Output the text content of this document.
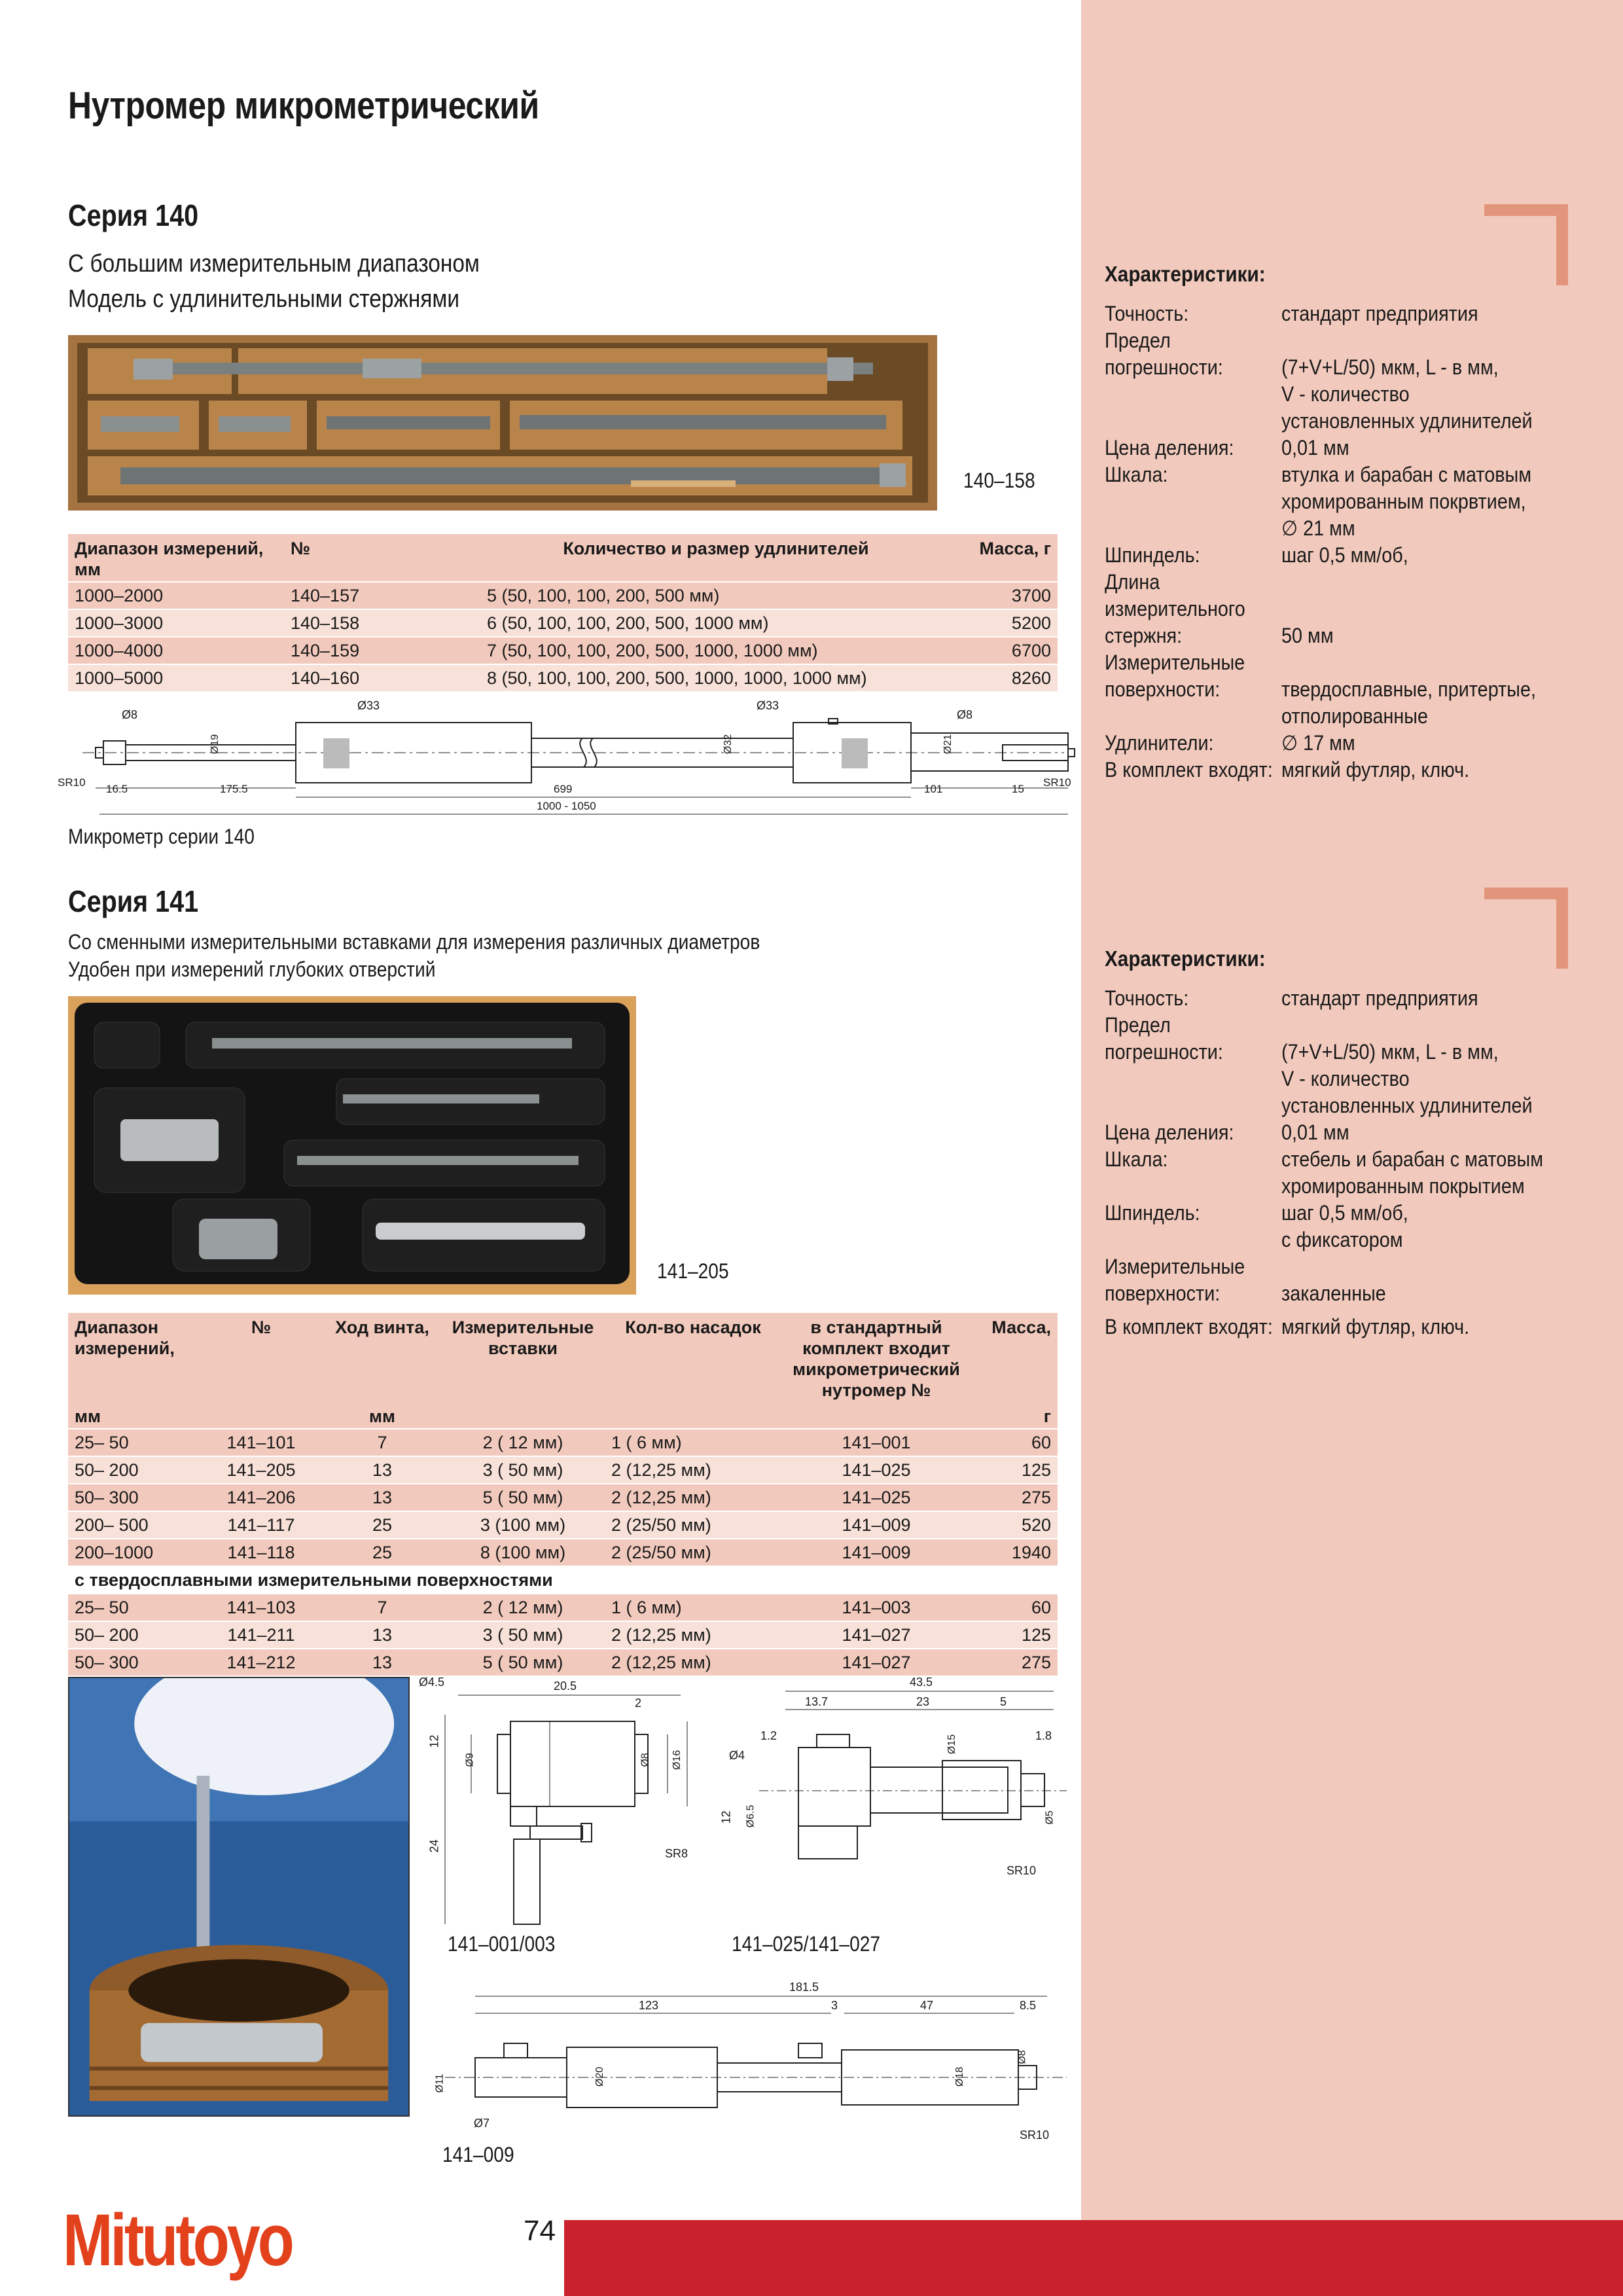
Нутромер микрометрический
Серия 140
С большим измерительным диапазоном
Модель с удлинительными стержнями
140–158
Диапазон измерений, мм	№	Количество и размер удлинителей	Масса, г
1000–2000	140–157	5 (50, 100, 100, 200, 500 мм)	3700
1000–3000	140–158	6 (50, 100, 100, 200, 500, 1000 мм)	5200
1000–4000	140–159	7 (50, 100, 100, 200, 500, 1000, 1000 мм)	6700
1000–5000	140–160	8 (50, 100, 100, 200, 500, 1000, 1000, 1000 мм)	8260
Ø8
Ø33	Ø33
Ø8
Ø19	Ø32	Ø21
SR10	SR10
16.5	175.5	699	101	15
1000 - 1050
Микрометр серии 140
Характеристики:
Точность:	стандарт предприятия
Предел
погрешности:	
(7+V+L/50) мкм, L - в мм,
V - количество
установленных удлинителей
Цена деления:	0,01 мм
Шкала:	втулка и барабан с матовым
хромированным покрвтием,
∅ 21 мм
Шпиндель:	шаг 0,5 мм/об,
Длина
измерительного
стержня:	

50 мм
Измерительные
поверхности:	
твердосплавные, притертые,
отполированные
Удлинители:	∅ 17 мм
В комплект входят: мягкий футляр, ключ.
Серия 141
Со сменными измерительными вставками для измерения различных диаметров
Удобен при измерений глубоких отверстий
141–205
Диапазон измерений,	№	Ход винта,	Измерительные вставки	Кол-во насадок	в стандартный комплект входит микрометрический нутромер №	Масса,
мм		мм				г
25– 50	141–101	7	2 ( 12 мм)	1 ( 6 мм)	141–001	60
50– 200	141–205	13	3 ( 50 мм)	2 (12,25 мм)	141–025	125
50– 300	141–206	13	5 ( 50 мм)	2 (12,25 мм)	141–025	275
200– 500	141–117	25	3 (100 мм)	2 (25/50 мм)	141–009	520
200–1000	141–118	25	8 (100 мм)	2 (25/50 мм)	141–009	1940
с твердосплавными измерительными поверхностями						
25– 50	141–103	7	2 ( 12 мм)	1 ( 6 мм)	141–003	60
50– 200	141–211	13	3 ( 50 мм)	2 (12,25 мм)	141–027	125
50– 300	141–212	13	5 ( 50 мм)	2 (12,25 мм)	141–027	275
Ø4.5	20.5
2
12
24
Ø9	Ø8 Ø16
SR8
141–001/003
43.5
13.7	23	5
1.8
1.2
Ø4
Ø15
Ø6.5
12	Ø5
SR10
141–025/141–027
181.5
123	3	47	8.5
Ø11	Ø20	Ø18
Ø8
Ø7
SR10
141–009
Характеристики:
Точность:	стандарт предприятия
Предел
погрешности:	
(7+V+L/50) мкм, L - в мм,
V - количество
установленных удлинителей
Цена деления:	0,01 мм
Шкала:	стебель и барабан с матовым
хромированным покрытием
Шпиндель:	шаг 0,5 мм/об,
с фиксатором
Измерительные
поверхности:	
закаленные
В комплект входят: мягкий футляр, ключ.
Mitutoyo	74
